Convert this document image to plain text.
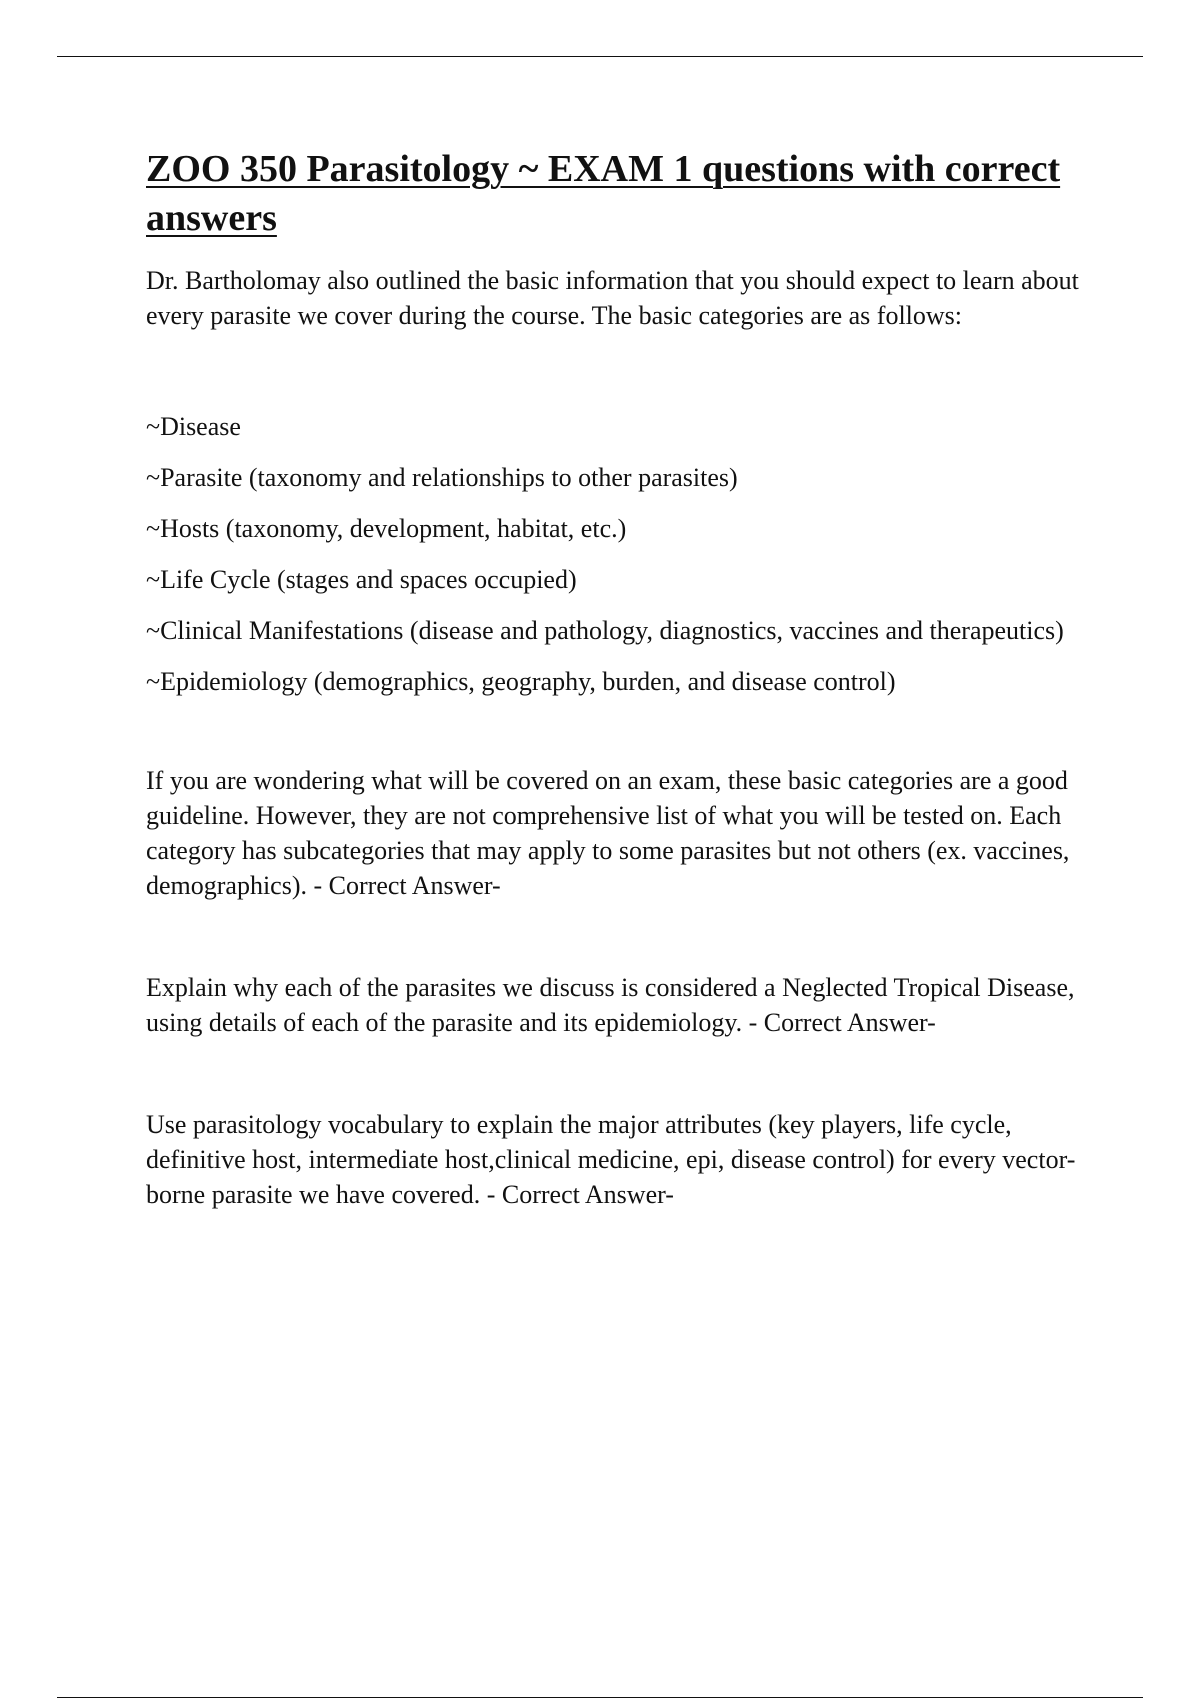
ZOO 350 Parasitology ~ EXAM 1 questions with correct answers

Dr. Bartholomay also outlined the basic information that you should expect to learn about every parasite we cover during the course. The basic categories are as follows:

~Disease
~Parasite (taxonomy and relationships to other parasites)
~Hosts (taxonomy, development, habitat, etc.)
~Life Cycle (stages and spaces occupied)
~Clinical Manifestations (disease and pathology, diagnostics, vaccines and therapeutics)
~Epidemiology (demographics, geography, burden, and disease control)

If you are wondering what will be covered on an exam, these basic categories are a good guideline. However, they are not comprehensive list of what you will be tested on. Each category has subcategories that may apply to some parasites but not others (ex. vaccines, demographics). - Correct Answer-

Explain why each of the parasites we discuss is considered a Neglected Tropical Disease, using details of each of the parasite and its epidemiology. - Correct Answer-

Use parasitology vocabulary to explain the major attributes (key players, life cycle, definitive host, intermediate host,clinical medicine, epi, disease control) for every vector-borne parasite we have covered. - Correct Answer-
